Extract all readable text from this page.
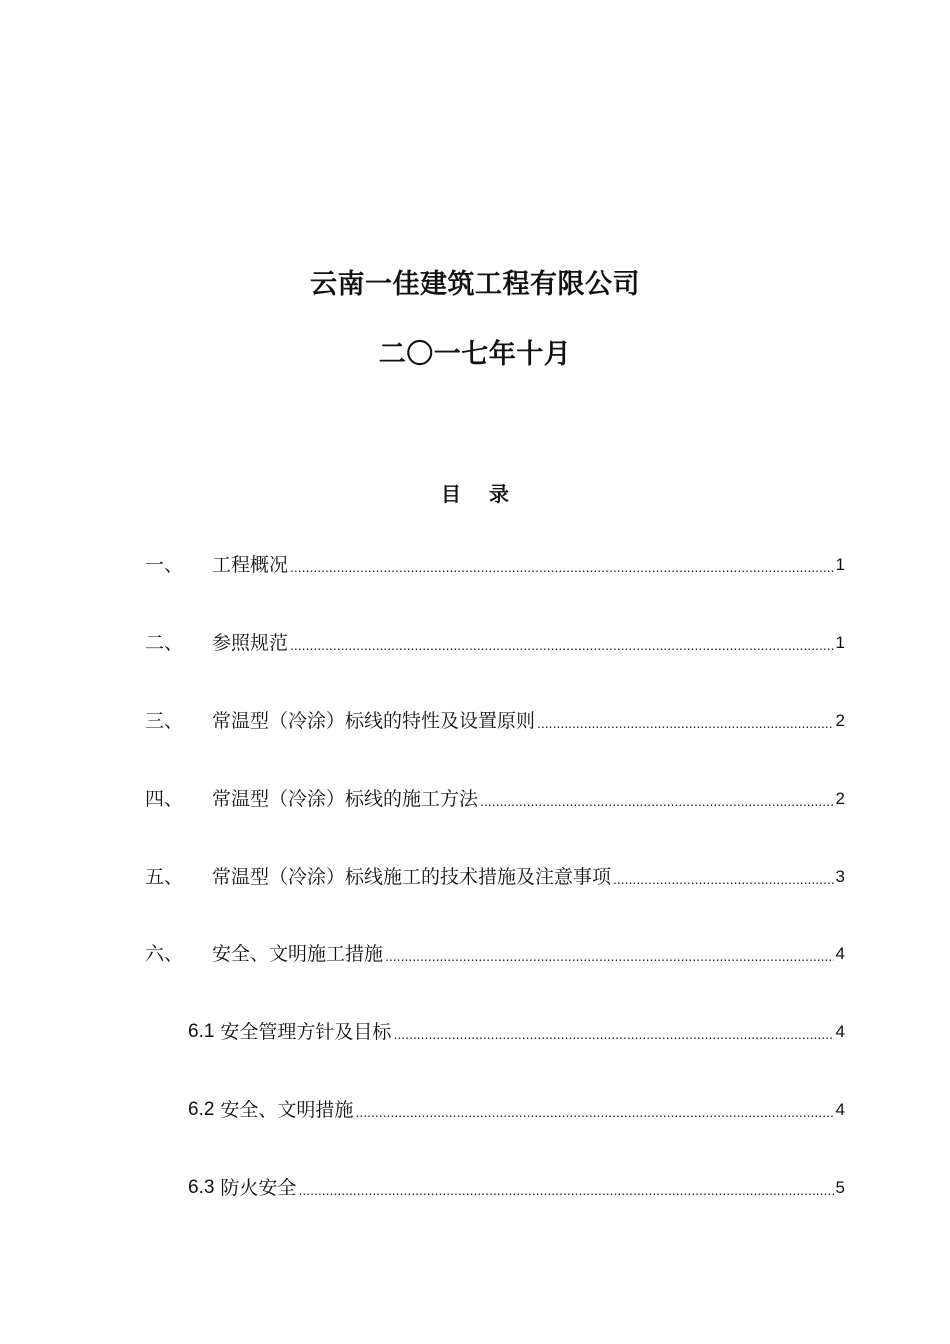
云南一佳建筑工程有限公司
二〇一七年十月
目录
一、	工程概况 .....	1
二、	参照规范 .....	1
三、	常温型（冷涂）标线的特性及设置原则 .....	2
四、	常温型（冷涂）标线的施工方法 .....	2
五、	常温型（冷涂）标线施工的技术措施及注意事项 .....	3
六、	安全、文明施工措施 .....	4
6.1 安全管理方针及目标 .....	4
6.2 安全、文明措施 .....	4
6.3 防火安全 .....	5
